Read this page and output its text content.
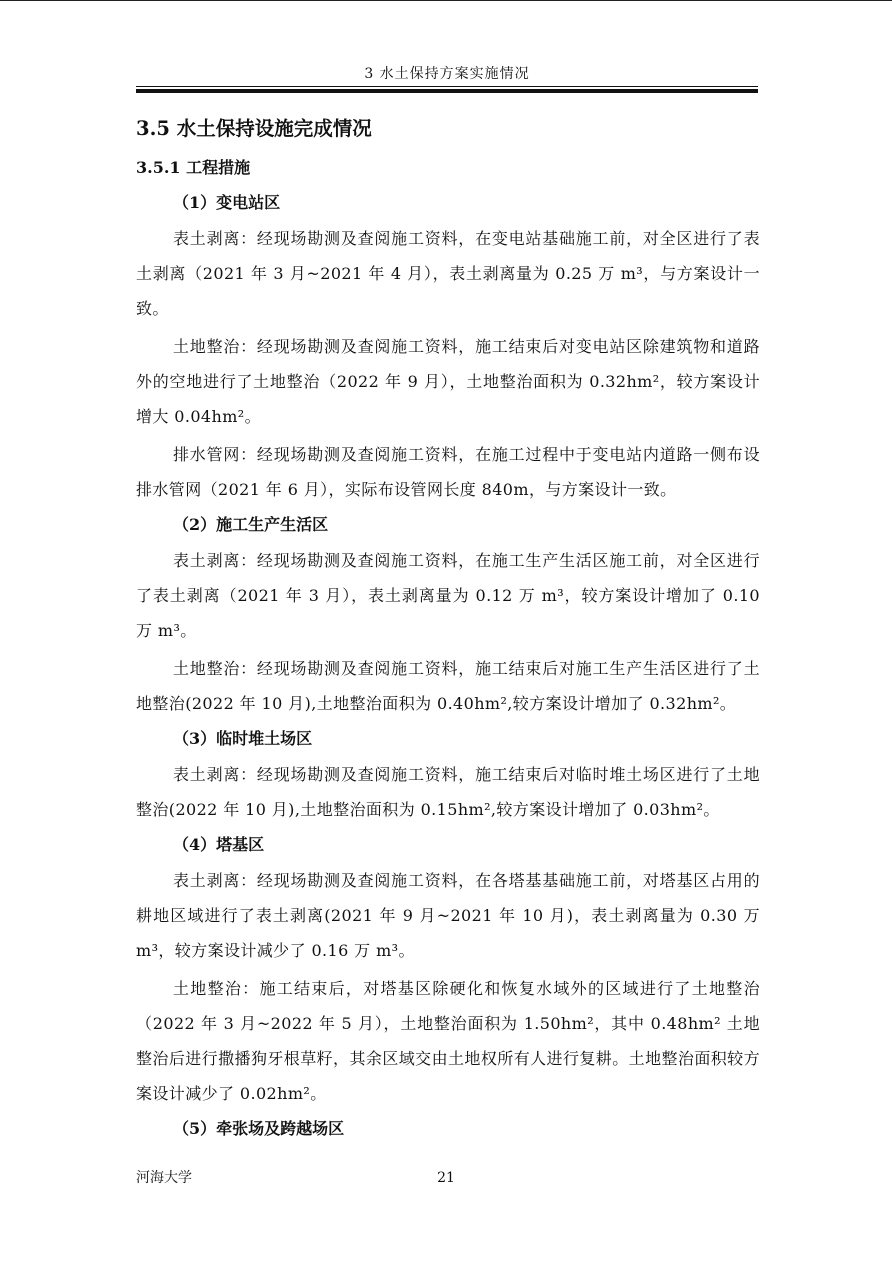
3 水土保持方案实施情况
3.5 水土保持设施完成情况
3.5.1 工程措施
（1）变电站区

表土剥离：经现场勘测及查阅施工资料，在变电站基础施工前，对全区进行了表土剥离（2021 年 3 月~2021 年 4 月），表土剥离量为 0.25 万 m³，与方案设计一致。

土地整治：经现场勘测及查阅施工资料，施工结束后对变电站区除建筑物和道路外的空地进行了土地整治（2022 年 9 月），土地整治面积为 0.32hm²，较方案设计增大 0.04hm²。

排水管网：经现场勘测及查阅施工资料，在施工过程中于变电站内道路一侧布设排水管网（2021 年 6 月），实际布设管网长度 840m，与方案设计一致。

（2）施工生产生活区

表土剥离：经现场勘测及查阅施工资料，在施工生产生活区施工前，对全区进行了表土剥离（2021 年 3 月），表土剥离量为 0.12 万 m³，较方案设计增加了 0.10 万 m³。

土地整治：经现场勘测及查阅施工资料，施工结束后对施工生产生活区进行了土地整治(2022 年 10 月),土地整治面积为 0.40hm²,较方案设计增加了 0.32hm²。

（3）临时堆土场区

表土剥离：经现场勘测及查阅施工资料，施工结束后对临时堆土场区进行了土地整治(2022 年 10 月),土地整治面积为 0.15hm²,较方案设计增加了 0.03hm²。

（4）塔基区

表土剥离：经现场勘测及查阅施工资料，在各塔基基础施工前，对塔基区占用的耕地区域进行了表土剥离(2021 年 9 月~2021 年 10 月)，表土剥离量为 0.30 万 m³，较方案设计减少了 0.16 万 m³。

土地整治：施工结束后，对塔基区除硬化和恢复水域外的区域进行了土地整治（2022 年 3 月~2022 年 5 月），土地整治面积为 1.50hm²，其中 0.48hm² 土地整治后进行撒播狗牙根草籽，其余区域交由土地权所有人进行复耕。土地整治面积较方案设计减少了 0.02hm²。

（5）牵张场及跨越场区
河海大学	21
